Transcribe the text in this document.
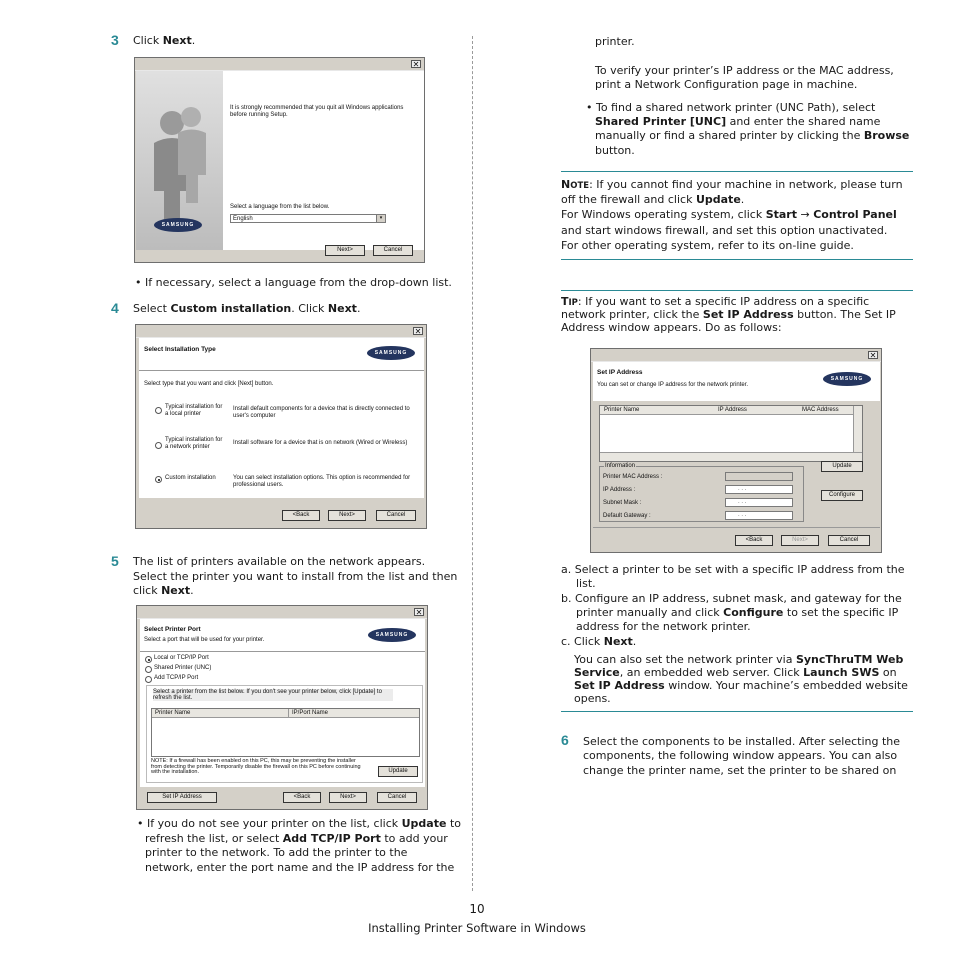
3 Click Next.
✕
SAMSUNG
It is strongly recommended that you quit all Windows applications before running Setup.
Select a language from the list below.
English	▾
Next>	Cancel
• If necessary, select a language from the drop-down list.
4 Select Custom installation. Click Next.
✕
Select Installation Type	SAMSUNG
Select type that you want and click [Next] button.
Typical installation for a local printer
Install default components for a device that is directly connected to user's computer
Typical installation for a network printer
Install software for a device that is on network (Wired or Wireless)
Custom installation	You can select installation options. This option is recommended for professional users.
<Back	Next>	Cancel
5 The list of printers available on the network appears.
Select the printer you want to install from the list and then
click Next.
✕
Select Printer Port
Select a port that will be used for your printer.
SAMSUNG
Local or TCP/IP Port
Shared Printer (UNC)
Add TCP/IP Port
Select a printer from the list below. If you don't see your printer below, click [Update] to refresh the list.
Printer Name	IP/Port Name
NOTE: If a firewall has been enabled on this PC, this may be preventing the installer from detecting the printer. Temporarily disable the firewall on this PC before continuing with the installation.	Update
Set IP Address	<Back	Next>	Cancel
• If you do not see your printer on the list, click Update to
refresh the list, or select Add TCP/IP Port to add your
printer to the network. To add the printer to the
network, enter the port name and the IP address for the
printer.
To verify your printer’s IP address or the MAC address,
print a Network Configuration page in machine.
• To find a shared network printer (UNC Path), select
Shared Printer [UNC] and enter the shared name
manually or find a shared printer by clicking the Browse
button.
NOTE: If you cannot find your machine in network, please turn
off the firewall and click Update.
For Windows operating system, click Start → Control Panel
and start windows firewall, and set this option unactivated.
For other operating system, refer to its on-line guide.
TIP: If you want to set a specific IP address on a specific
network printer, click the Set IP Address button. The Set IP
Address window appears. Do as follows:
✕
Set IP Address
You can set or change IP address for the network printer.
SAMSUNG
Printer Name	IP Address	MAC Address
Information
Printer MAC Address :
IP Address :	. . .
Subnet Mask :	. . .
Default Gateway :	. . .
Update
Configure
<Back	Next>	Cancel
a. Select a printer to be set with a specific IP address from the
list.
b. Configure an IP address, subnet mask, and gateway for the
printer manually and click Configure to set the specific IP
address for the network printer.
c. Click Next.
You can also set the network printer via SyncThruTM Web
Service, an embedded web server. Click Launch SWS on
Set IP Address window. Your machine’s embedded website
opens.
6 Select the components to be installed. After selecting the
components, the following window appears. You can also
change the printer name, set the printer to be shared on
10
Installing Printer Software in Windows
